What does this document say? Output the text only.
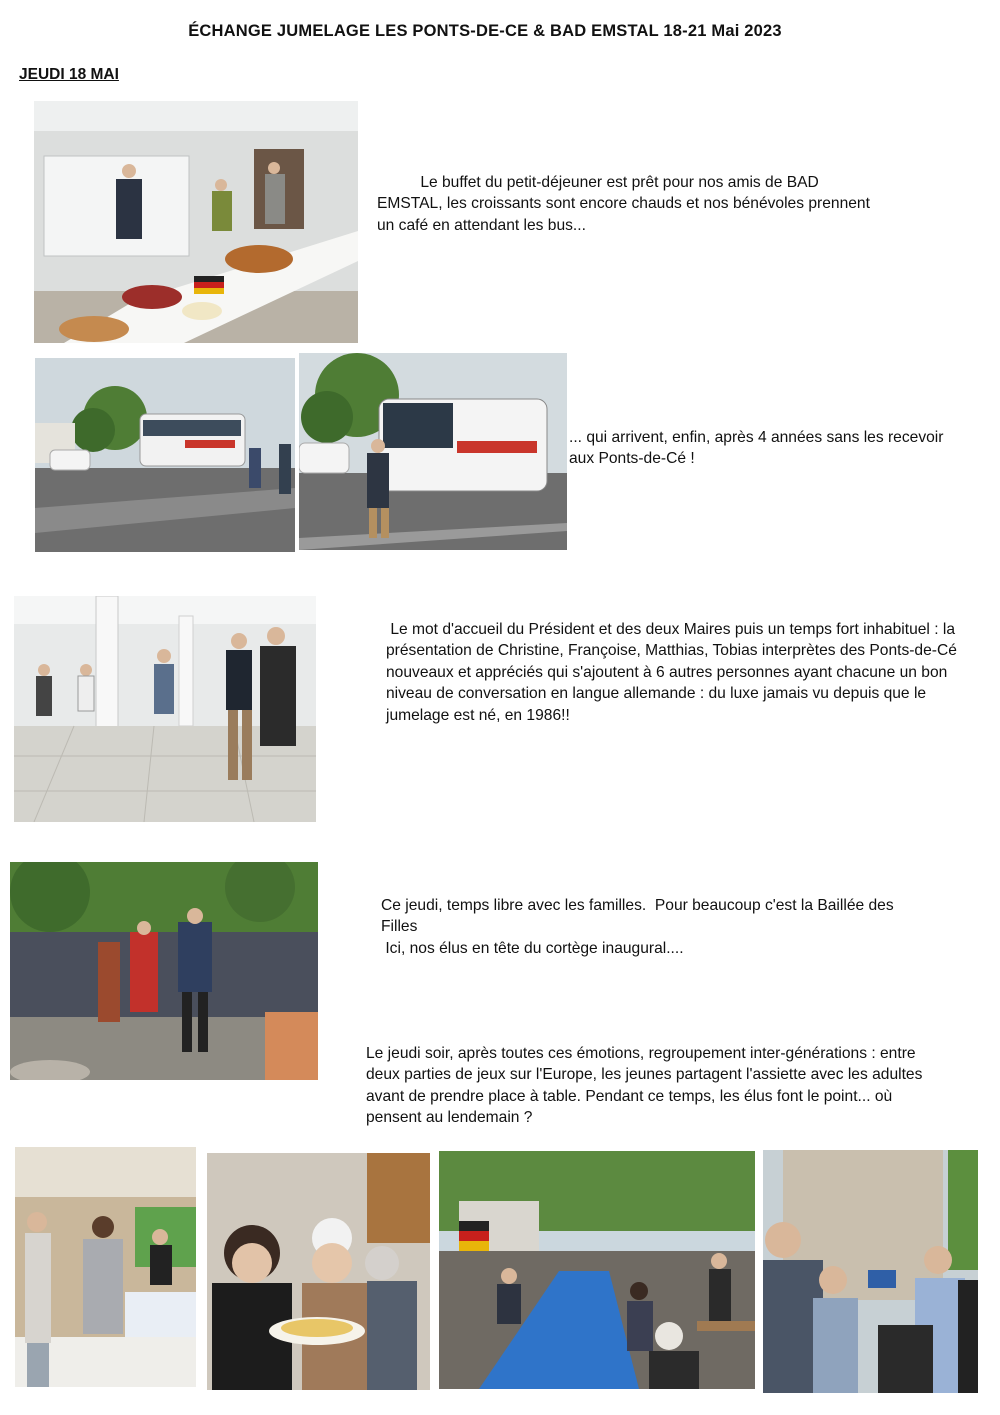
ÉCHANGE JUMELAGE LES PONTS-DE-CE & BAD EMSTAL 18-21 Mai 2023
JEUDI 18 MAI
Le buffet du petit-déjeuner est prêt pour nos amis de BAD EMSTAL, les croissants sont encore chauds et nos bénévoles prennent un café en attendant les bus...
... qui arrivent, enfin, après 4 années sans les recevoir aux Ponts-de-Cé !
Le mot d'accueil du Président et des deux Maires puis un temps fort inhabituel : la présentation de Christine, Françoise, Matthias, Tobias interprètes des Ponts-de-Cé nouveaux et appréciés qui s'ajoutent à 6 autres personnes ayant chacune un bon niveau de conversation en langue allemande : du luxe jamais vu depuis que le jumelage est né, en 1986!!
Ce jeudi, temps libre avec les familles.  Pour beaucoup c'est la Baillée des Filles
Ici, nos élus en tête du cortège inaugural....
Le jeudi soir, après toutes ces émotions, regroupement inter-générations : entre deux parties de jeux sur l'Europe, les jeunes partagent l'assiette avec les adultes avant de prendre place à table. Pendant ce temps, les élus font le point... où pensent au lendemain ?
